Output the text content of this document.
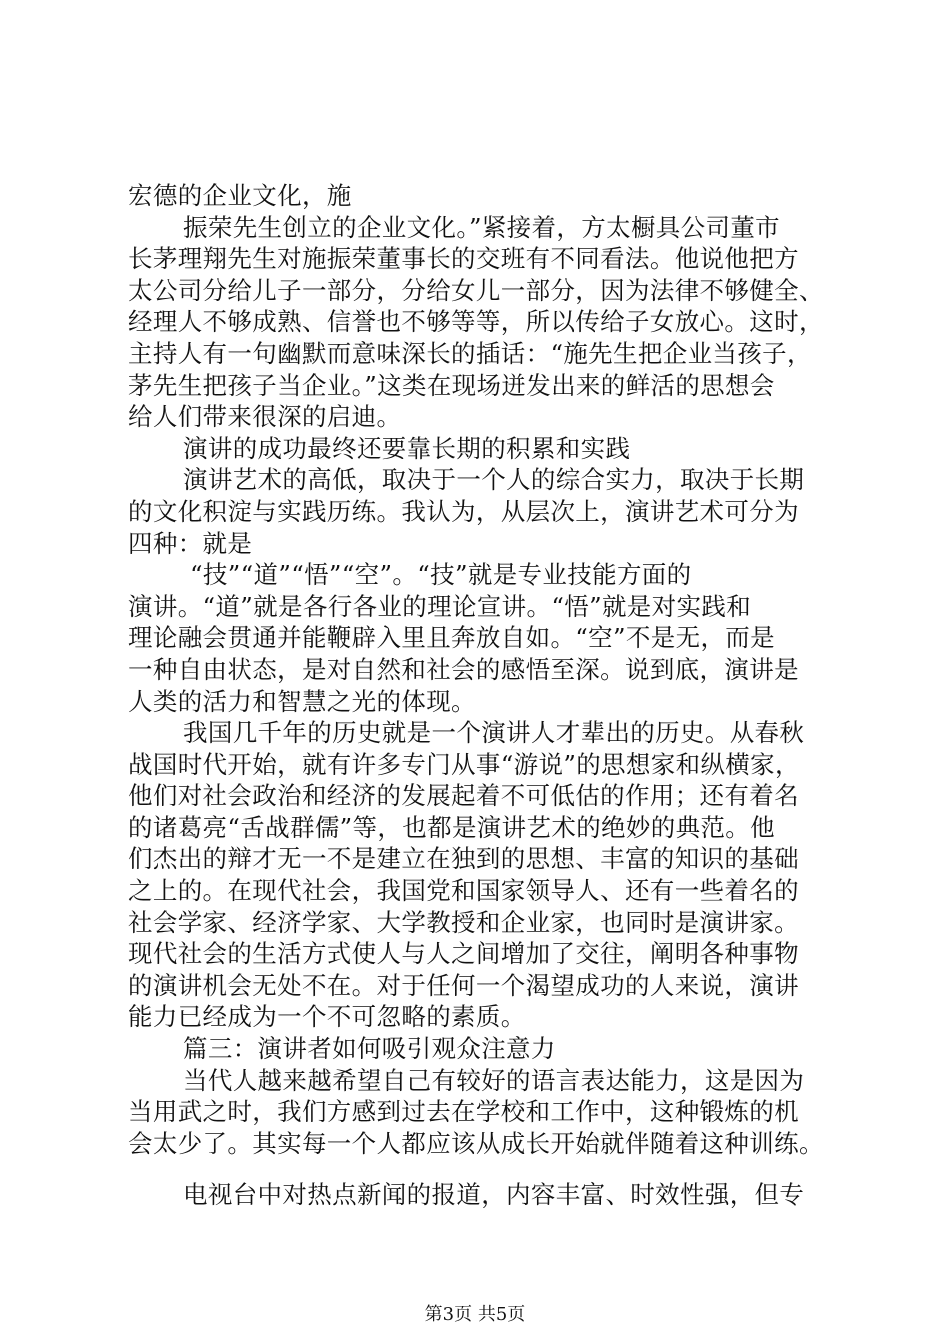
宏德的企业文化，施
振荣先生创立的企业文化。”紧接着，方太橱具公司董市
长茅理翔先生对施振荣董事长的交班有不同看法。他说他把方
太公司分给儿子一部分，分给女儿一部分，因为法律不够健全、
经理人不够成熟、信誉也不够等等，所以传给子女放心。这时，
主持人有一句幽默而意味深长的插话：“施先生把企业当孩子，
茅先生把孩子当企业。”这类在现场迸发出来的鲜活的思想会
给人们带来很深的启迪。
演讲的成功最终还要靠长期的积累和实践
演讲艺术的高低，取决于一个人的综合实力，取决于长期
的文化积淀与实践历练。我认为，从层次上，演讲艺术可分为
四种：就是
“技”“道”“悟”“空”。“技”就是专业技能方面的
演讲。“道”就是各行各业的理论宣讲。“悟”就是对实践和
理论融会贯通并能鞭辟入里且奔放自如。“空”不是无，而是
一种自由状态，是对自然和社会的感悟至深。说到底，演讲是
人类的活力和智慧之光的体现。
我国几千年的历史就是一个演讲人才辈出的历史。从春秋
战国时代开始，就有许多专门从事“游说”的思想家和纵横家，
他们对社会政治和经济的发展起着不可低估的作用；还有着名
的诸葛亮“舌战群儒”等，也都是演讲艺术的绝妙的典范。他
们杰出的辩才无一不是建立在独到的思想、丰富的知识的基础
之上的。在现代社会，我国党和国家领导人、还有一些着名的
社会学家、经济学家、大学教授和企业家，也同时是演讲家。
现代社会的生活方式使人与人之间增加了交往，阐明各种事物
的演讲机会无处不在。对于任何一个渴望成功的人来说，演讲
能力已经成为一个不可忽略的素质。
篇三：演讲者如何吸引观众注意力
当代人越来越希望自己有较好的语言表达能力，这是因为
当用武之时，我们方感到过去在学校和工作中，这种锻炼的机
会太少了。其实每一个人都应该从成长开始就伴随着这种训练。
电视台中对热点新闻的报道，内容丰富、时效性强，但专
第3页 共5页
